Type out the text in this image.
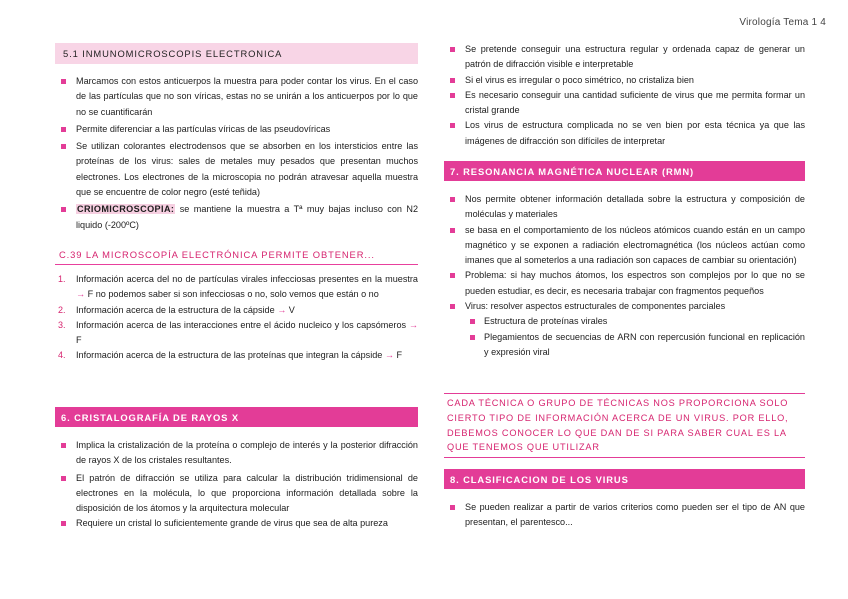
Virología Tema 1 4
5.1 INMUNOMICROSCOPIS ELECTRONICA
Marcamos con estos anticuerpos la muestra para poder contar los virus. En el caso de las partículas que no son víricas, estas no se unirán a los anticuerpos por lo que no se cuantificarán
Permite diferenciar a las partículas víricas de las pseudovíricas
Se utilizan colorantes electrodensos que se absorben en los intersticios entre las proteínas de los virus: sales de metales muy pesados que presentan muchos electrones. Los electrones de la microscopia no podrán atravesar aquella muestra que se encuentre de color negro (esté teñida)
CRIOMICROSCOPIA: se mantiene la muestra a Tª muy bajas incluso con N2 liquido (-200ºC)
C.39 LA MICROSCOPÍA ELECTRÓNICA PERMITE OBTENER...
1. Información acerca del no de partículas virales infecciosas presentes en la muestra → F no podemos saber si son infecciosas o no, solo vemos que están o no
2. Información acerca de la estructura de la cápside → V
3. Información acerca de las interacciones entre el ácido nucleico y los capsómeros → F
4. Información acerca de la estructura de las proteínas que integran la cápside → F
6. CRISTALOGRAFÍA DE RAYOS X
Implica la cristalización de la proteína o complejo de interés y la posterior difracción de rayos X de los cristales resultantes.
El patrón de difracción se utiliza para calcular la distribución tridimensional de electrones en la molécula, lo que proporciona información detallada sobre la disposición de los átomos y la arquitectura molecular
Requiere un cristal lo suficientemente grande de virus que sea de alta pureza
Se pretende conseguir una estructura regular y ordenada capaz de generar un patrón de difracción visible e interpretable
Si el virus es irregular o poco simétrico, no cristaliza bien
Es necesario conseguir una cantidad suficiente de virus que me permita formar un cristal grande
Los virus de estructura complicada no se ven bien por esta técnica ya que las imágenes de difracción son difíciles de interpretar
7. RESONANCIA MAGNÉTICA NUCLEAR (RMN)
Nos permite obtener información detallada sobre la estructura y composición de moléculas y materiales
se basa en el comportamiento de los núcleos atómicos cuando están en un campo magnético y se exponen a radiación electromagnética (los núcleos actúan como imanes que al someterlos a una radiación son capaces de cambiar su orientación)
Problema: si hay muchos átomos, los espectros son complejos por lo que no se pueden estudiar, es decir, es necesaria trabajar con fragmentos pequeños
Virus: resolver aspectos estructurales de componentes parciales
Estructura de proteínas virales
Plegamientos de secuencias de ARN con repercusión funcional en replicación y expresión viral
CADA TÉCNICA O GRUPO DE TÉCNICAS NOS PROPORCIONA SOLO CIERTO TIPO DE INFORMACIÓN ACERCA DE UN VIRUS. POR ELLO, DEBEMOS CONOCER LO QUE DAN DE SI PARA SABER CUAL ES LA QUE TENEMOS QUE UTILIZAR
8. CLASIFICACION DE LOS VIRUS
Se pueden realizar a partir de varios criterios como pueden ser el tipo de AN que presentan, el parentesco...
